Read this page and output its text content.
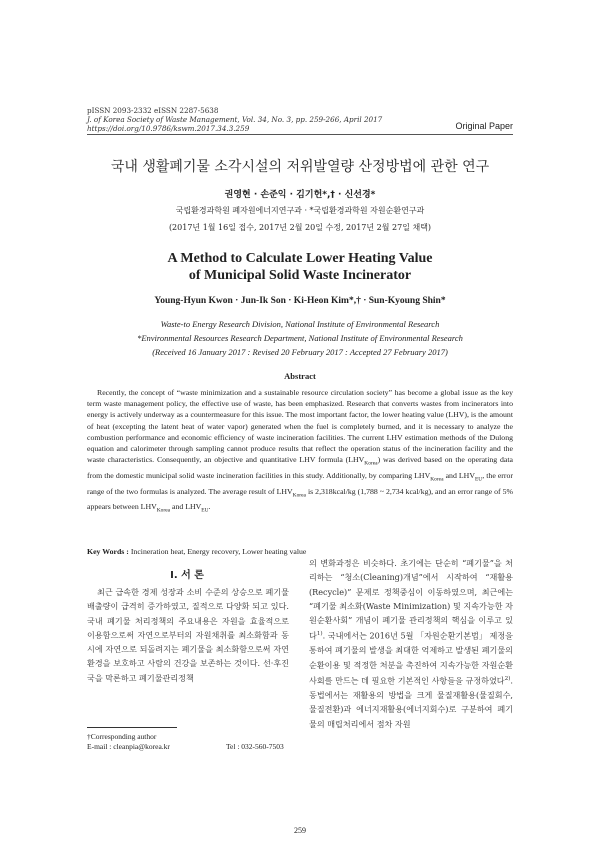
pISSN 2093-2332 eISSN 2287-5638
J. of Korea Society of Waste Management, Vol. 34, No. 3, pp. 259-266, April 2017
https://doi.org/10.9786/kswm.2017.34.3.259	Original Paper
국내 생활폐기물 소각시설의 저위발열량 산정방법에 관한 연구
권영현 · 손준익 · 김기헌*,† · 신선경*
국립환경과학원 폐자원에너지연구과 · *국립환경과학원 자원순환연구과
(2017년 1월 16일 접수, 2017년 2월 20일 수정, 2017년 2월 27일 채택)
A Method to Calculate Lower Heating Value
of Municipal Solid Waste Incinerator
Young-Hyun Kwon · Jun-Ik Son · Ki-Heon Kim*,† · Sun-Kyoung Shin*
Waste-to Energy Research Division, National Institute of Environmental Research
*Environmental Resources Research Department, National Institute of Environmental Research
(Received 16 January 2017 : Revised 20 February 2017 : Accepted 27 February 2017)
Abstract

Recently, the concept of “waste minimization and a sustainable resource circulation society” has become a global issue as the key term waste management policy, the effective use of waste, has been emphasized. Research that converts wastes from incinerators into energy is actively underway as a countermeasure for this issue. The most important factor, the lower heating value (LHV), is the amount of heat (excepting the latent heat of water vapor) generated when the fuel is completely burned, and it is necessary to analyze the combustion performance and economic efficiency of waste incineration facilities. The current LHV estimation methods of the Dulong equation and calorimeter through sampling cannot produce results that reflect the operation status of the incineration facility and the waste characteristics. Consequently, an objective and quantitative LHV formula $(LHV_{Korea})$ was derived based on the operating data from the domestic municipal solid waste incineration facilities in this study. Additionally, by comparing $LHV_{Korea}$ and $LHV_{EU}$, the error range of the two formulas is analyzed. The average result of $LHV_{Korea}$ is 2,318kcal/kg (1,788 ~ 2,734 kcal/kg), and an error range of 5% appears between $LHV_{Korea}$ and $LHV_{EU}$.

Key Words : Incineration heat, Energy recovery, Lower heating value
I. 서 론

최근 급속한 경제 성장과 소비 수준의 상승으로 폐기물 배출량이 급격히 증가하였고, 질적으로 다양화 되고 있다. 국내 폐기물 처리정책의 주요내용은 자원을 효율적으로 이용함으로써 자연으로부터의 자원채취를 최소화함과 동시에 자연으로 되돌려지는 폐기물을 최소화함으로써 자연환경을 보호하고 사람의 건강을 보존하는 것이다. 선·후진국을 막론하고 폐기물관리정책

의 변화과정은 비슷하다. 초기에는 단순히 “폐기물”을 처리하는 “청소(Cleaning)개념”에서 시작하여 “재활용(Recycle)” 문제로 정책중심이 이동하였으며, 최근에는 “폐기물 최소화(Waste Minimization) 및 지속가능한 자원순환사회” 개념이 폐기물 관리정책의 핵심을 이루고 있다$^{1)}$. 국내에서는 2016년 5월 「자원순환기본법」 제정을 통하여 폐기물의 발생을 최대한 억제하고 발생된 폐기물의 순환이용 및 적정한 처분을 촉진하여 지속가능한 자원순환사회를 만드는 데 필요한 기본적인 사항들을 규정하였다$^{2)}$. 동법에서는 재활용의 방법을 크게 물질재활용(물질회수, 물질전환)과 에너지재활용(에너지회수)로 구분하여 폐기물의 매립처리에서 점차 자원

†Corresponding author
E-mail : cleanpia@korea.kr	Tel : 032-560-7503
259
